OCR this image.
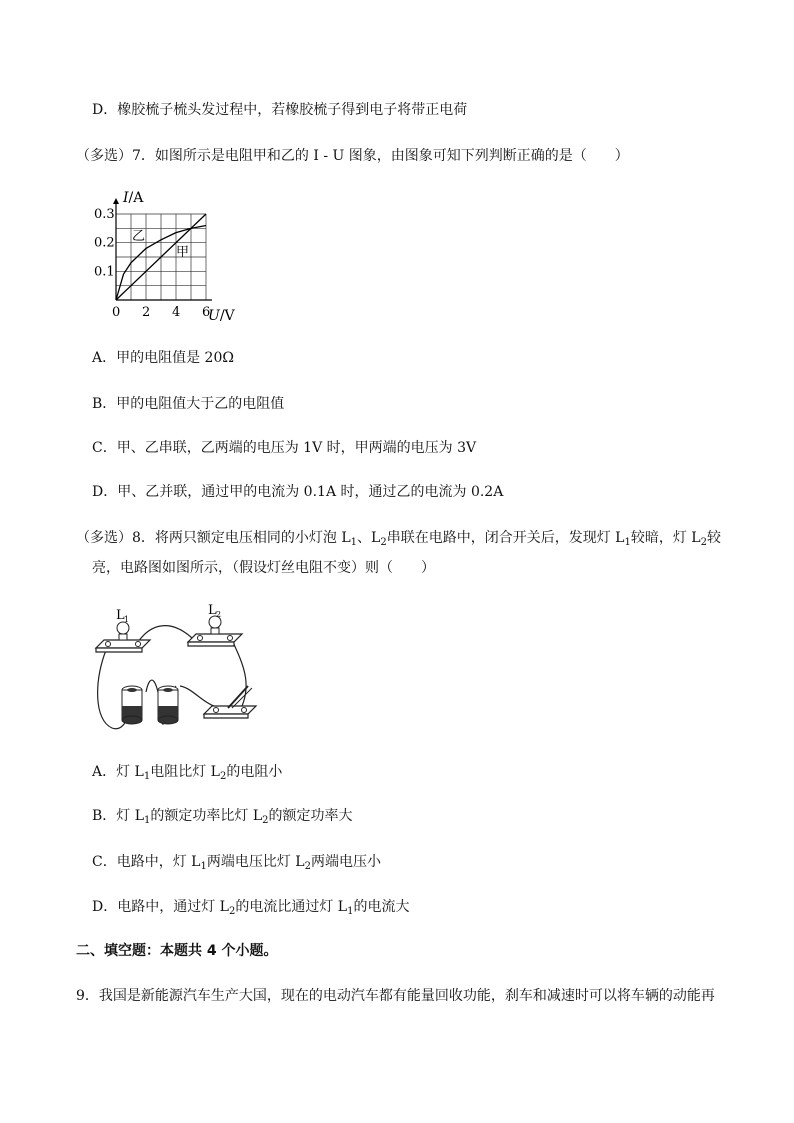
D．橡胶梳子梳头发过程中，若橡胶梳子得到电子将带正电荷
（多选）7．如图所示是电阻甲和乙的 I - U 图象，由图象可知下列判断正确的是（　　）
0 2 4 6
0.1
0.2
0.3
I/A
U/V
甲
乙
A．甲的电阻值是 20Ω
B．甲的电阻值大于乙的电阻值
C．甲、乙串联，乙两端的电压为 1V 时，甲两端的电压为 3V
D．甲、乙并联，通过甲的电流为 0.1A 时，通过乙的电流为 0.2A
（多选）8．将两只额定电压相同的小灯泡 $L_1$、$L_2$串联在电路中，闭合开关后，发现灯 $L_1$较暗，灯 $L_2$较
亮，电路图如图所示，（假设灯丝电阻不变）则（　　）
L 1
L 2
A．灯 $L_1$电阻比灯 $L_2$的电阻小
B．灯 $L_1$的额定功率比灯 $L_2$的额定功率大
C．电路中，灯 $L_1$两端电压比灯 $L_2$两端电压小
D．电路中，通过灯 $L_2$的电流比通过灯 $L_1$的电流大
二、填空题：本题共 4 个小题。
9．我国是新能源汽车生产大国，现在的电动汽车都有能量回收功能，刹车和减速时可以将车辆的动能再
